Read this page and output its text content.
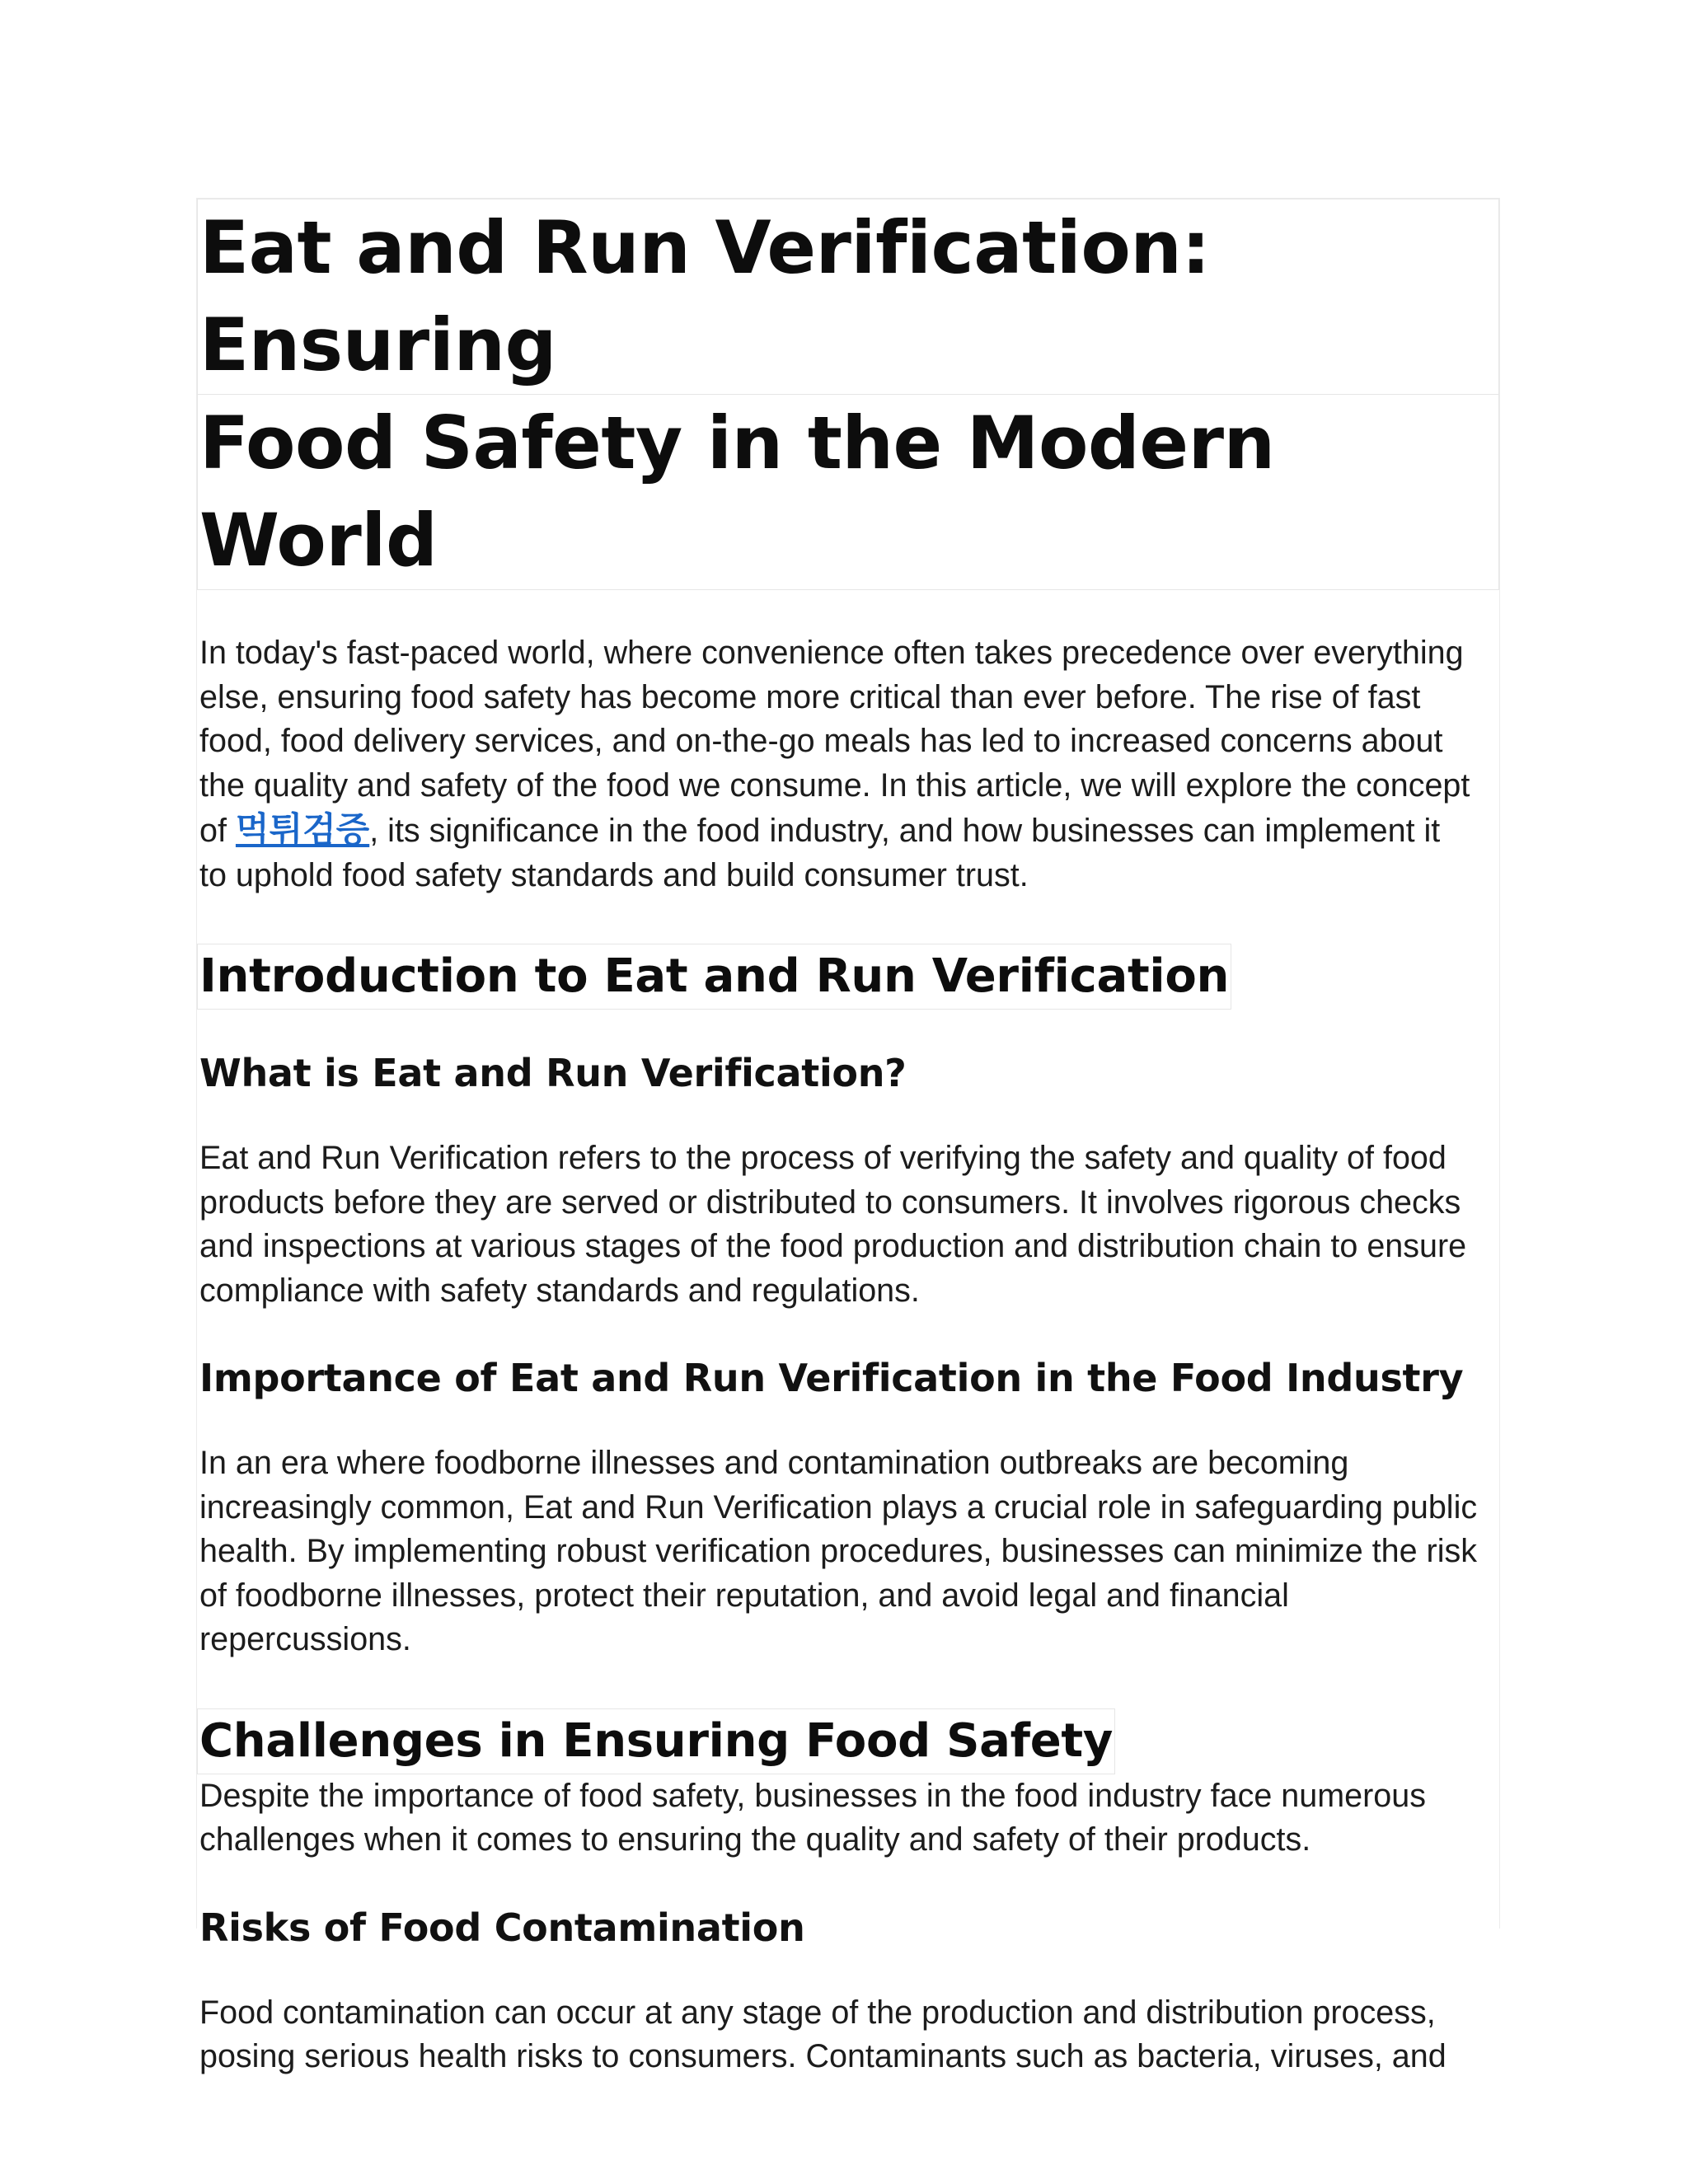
Eat and Run Verification: Ensuring
Food Safety in the Modern World

In today's fast-paced world, where convenience often takes precedence over everything else, ensuring food safety has become more critical than ever before. The rise of fast food, food delivery services, and on-the-go meals has led to increased concerns about the quality and safety of the food we consume. In this article, we will explore the concept of 먹튀검증, its significance in the food industry, and how businesses can implement it to uphold food safety standards and build consumer trust.

Introduction to Eat and Run Verification
What is Eat and Run Verification?

Eat and Run Verification refers to the process of verifying the safety and quality of food products before they are served or distributed to consumers. It involves rigorous checks and inspections at various stages of the food production and distribution chain to ensure compliance with safety standards and regulations.

Importance of Eat and Run Verification in the Food Industry

In an era where foodborne illnesses and contamination outbreaks are becoming increasingly common, Eat and Run Verification plays a crucial role in safeguarding public health. By implementing robust verification procedures, businesses can minimize the risk of foodborne illnesses, protect their reputation, and avoid legal and financial repercussions.

Challenges in Ensuring Food Safety

Despite the importance of food safety, businesses in the food industry face numerous challenges when it comes to ensuring the quality and safety of their products.

Risks of Food Contamination

Food contamination can occur at any stage of the production and distribution process, posing serious health risks to consumers. Contaminants such as bacteria, viruses, and
